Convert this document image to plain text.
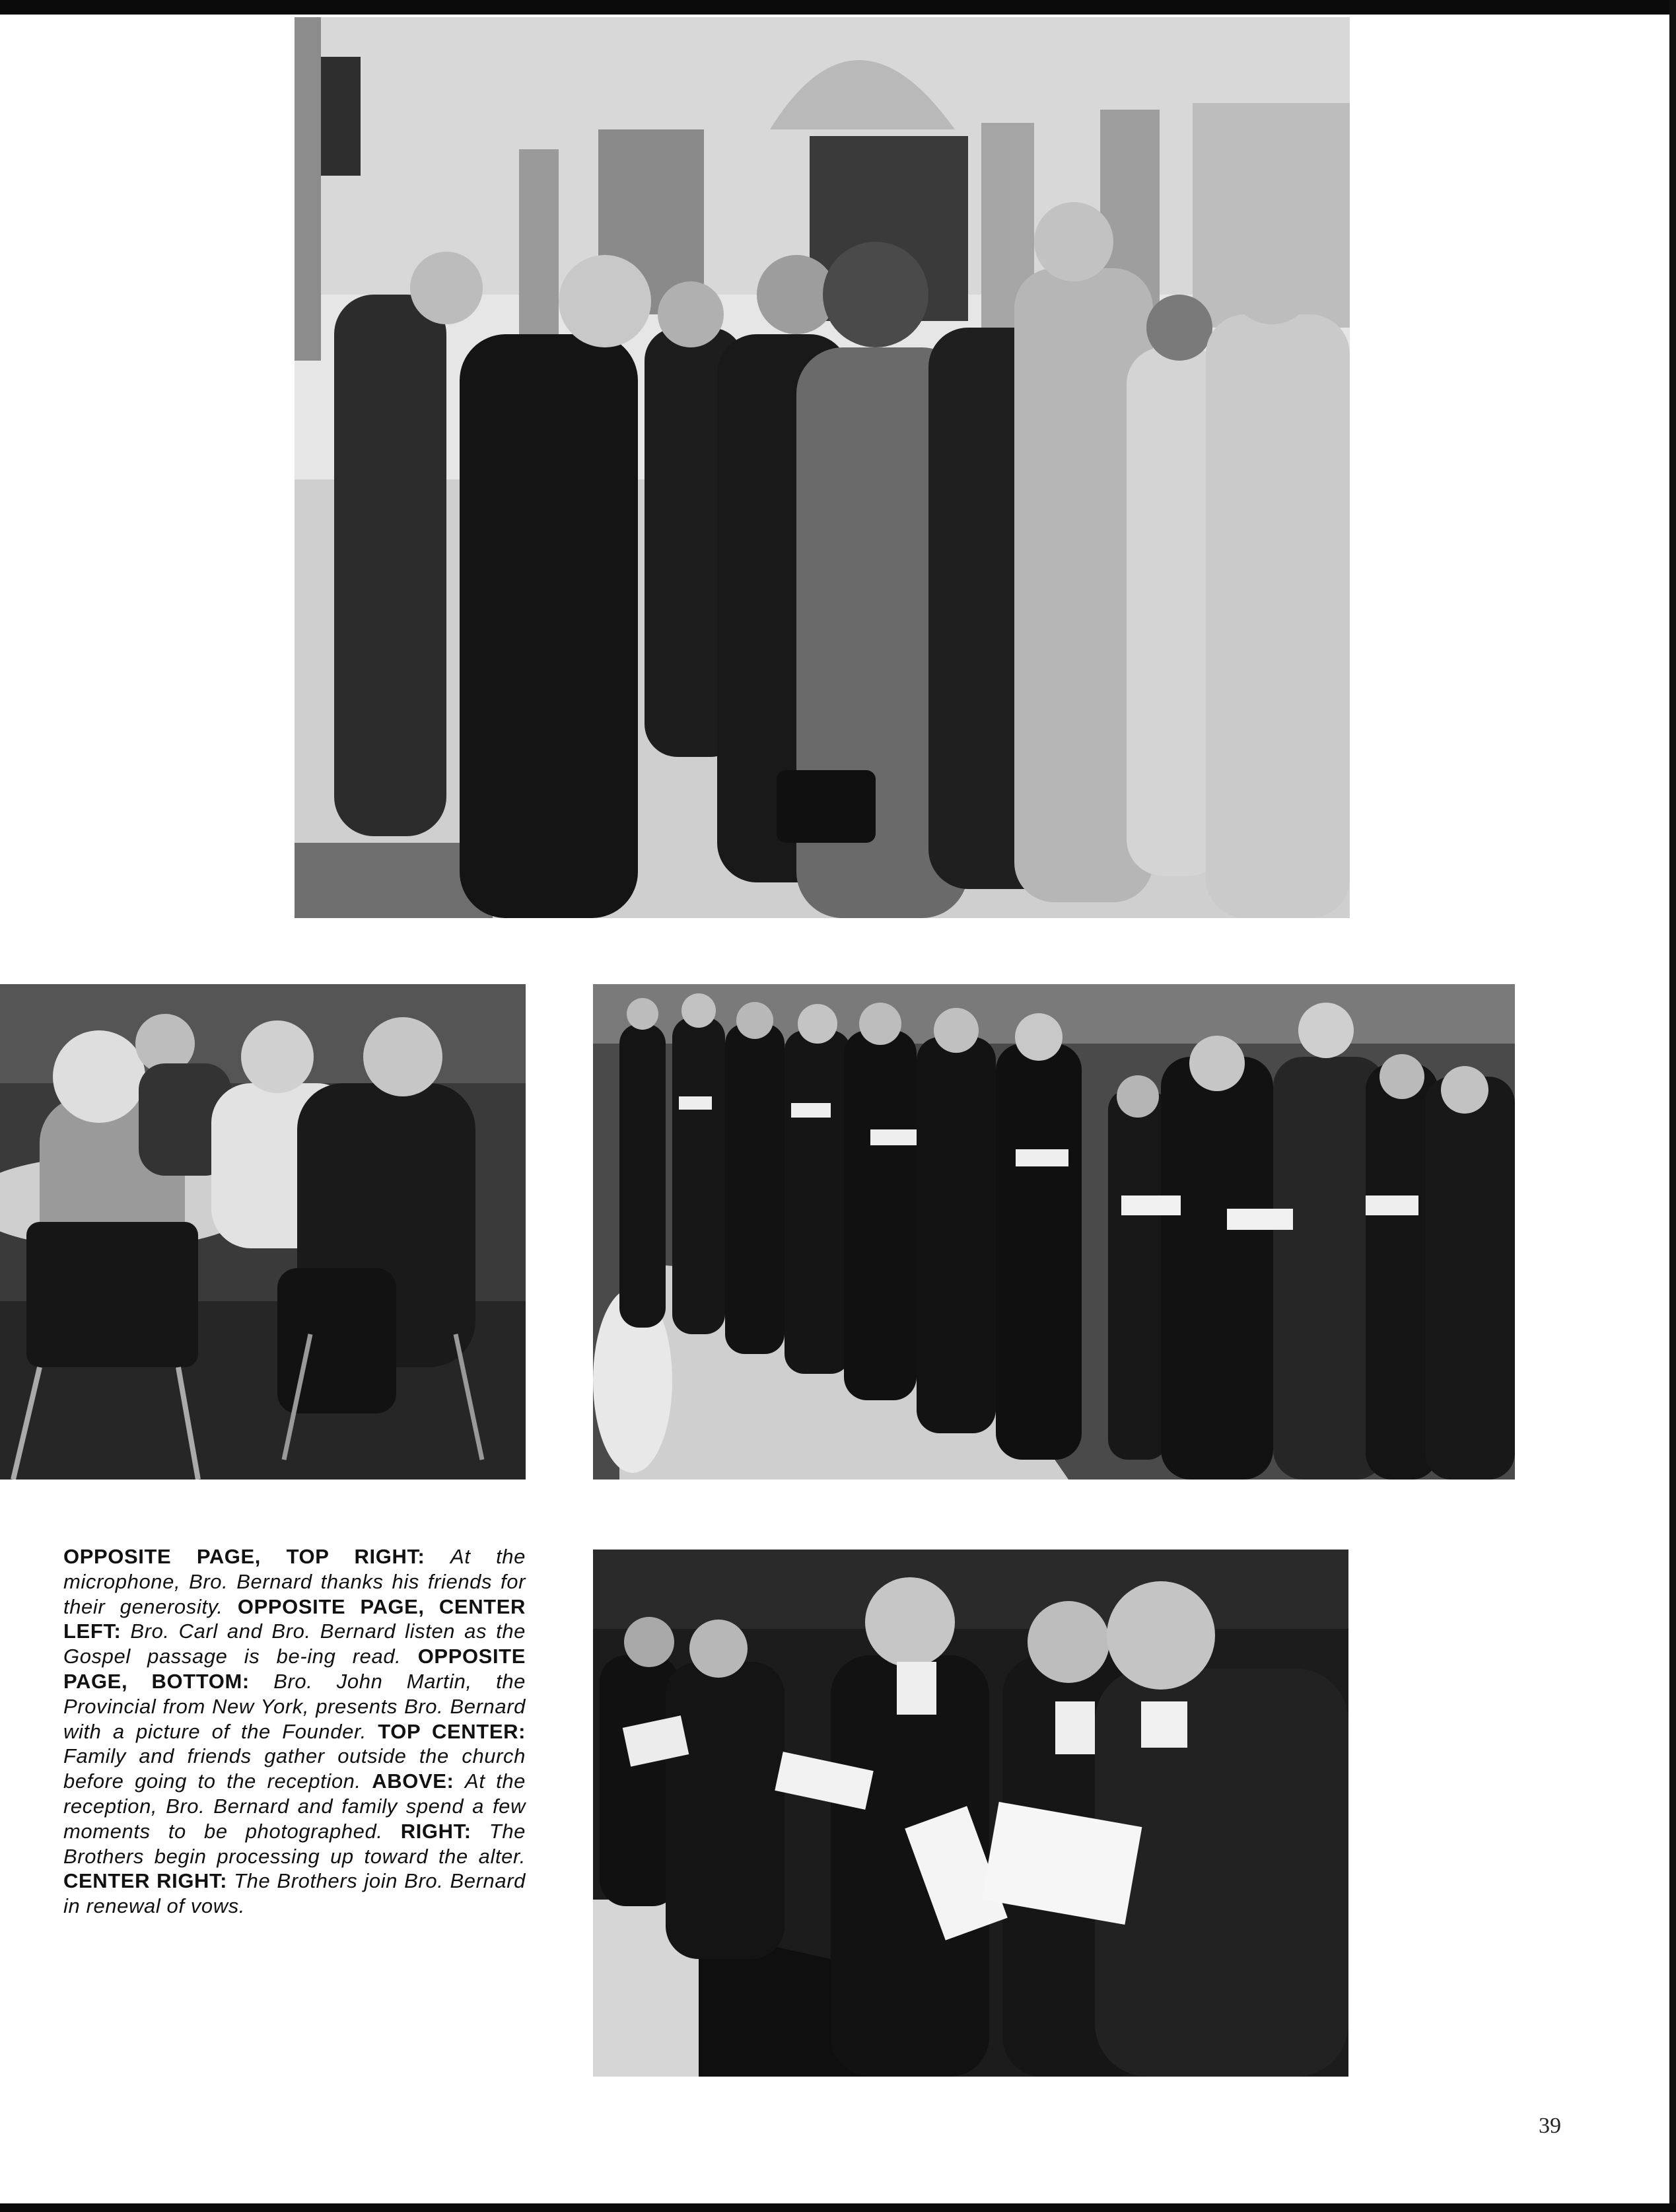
OPPOSITE PAGE, TOP RIGHT: At the microphone, Bro. Bernard thanks his friends for their generosity. OPPOSITE PAGE, CENTER LEFT: Bro. Carl and Bro. Bernard listen as the Gospel passage is be-ing read. OPPOSITE PAGE, BOTTOM: Bro. John Martin, the Provincial from New York, presents Bro. Bernard with a picture of the Founder. TOP CENTER: Family and friends gather outside the church before going to the reception. ABOVE: At the reception, Bro. Bernard and family spend a few moments to be photographed. RIGHT: The Brothers begin processing up toward the alter. CENTER RIGHT: The Brothers join Bro. Bernard in renewal of vows.
39
